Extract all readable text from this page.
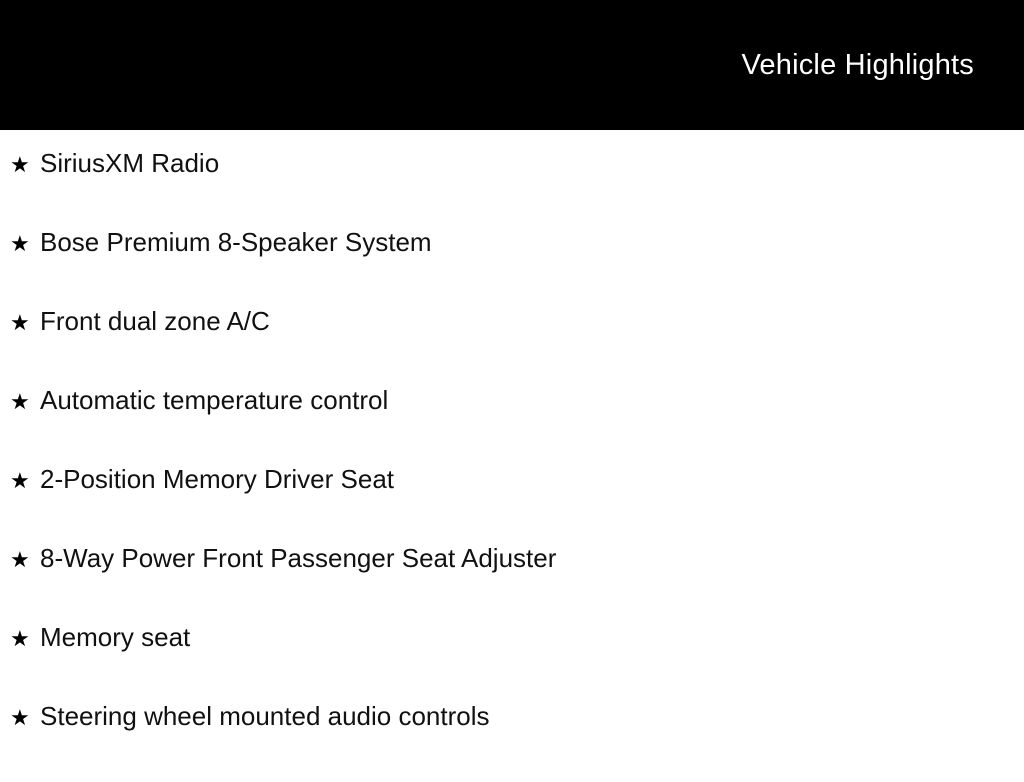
Vehicle Highlights
★ SiriusXM Radio
★ Bose Premium 8-Speaker System
★ Front dual zone A/C
★ Automatic temperature control
★ 2-Position Memory Driver Seat
★ 8-Way Power Front Passenger Seat Adjuster
★ Memory seat
★ Steering wheel mounted audio controls
